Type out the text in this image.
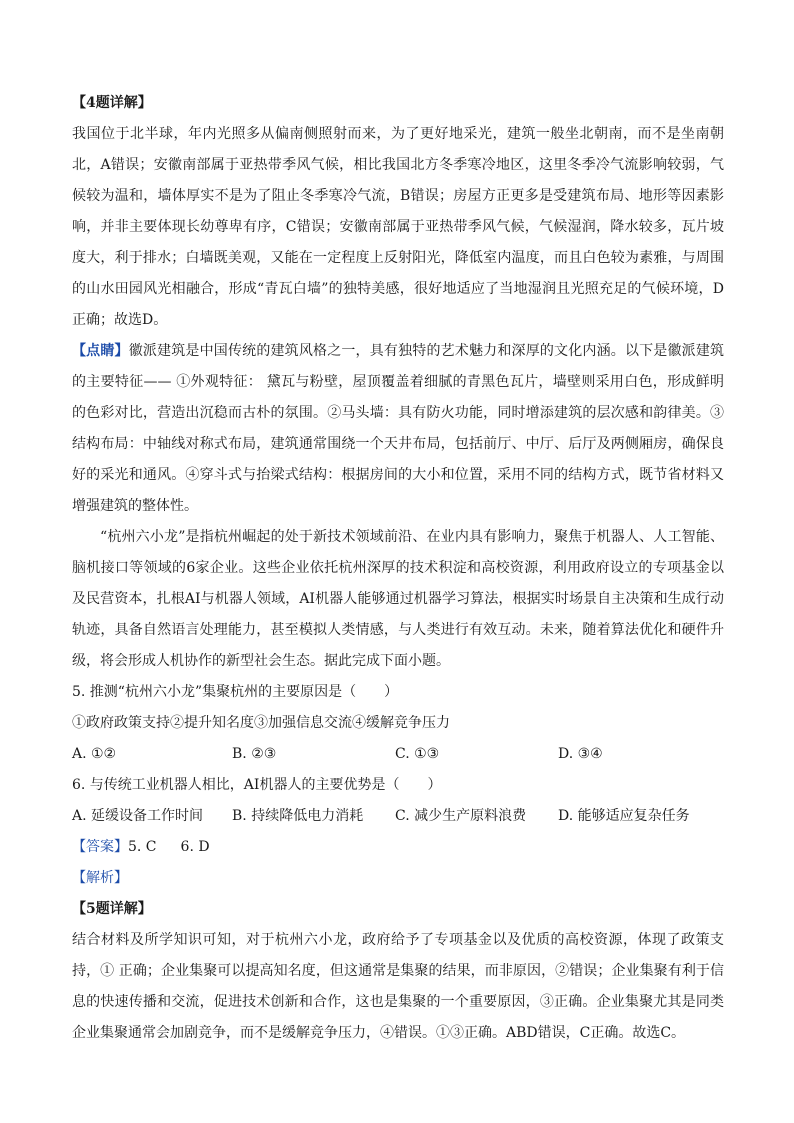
【4题详解】

我国位于北半球，年内光照多从偏南侧照射而来，为了更好地采光，建筑一般坐北朝南，而不是坐南朝北，A错误；安徽南部属于亚热带季风气候，相比我国北方冬季寒冷地区，这里冬季冷气流影响较弱，气候较为温和，墙体厚实不是为了阻止冬季寒冷气流，B错误；房屋方正更多是受建筑布局、地形等因素影响，并非主要体现长幼尊卑有序，C错误；安徽南部属于亚热带季风气候，气候湿润，降水较多，瓦片坡度大，利于排水；白墙既美观，又能在一定程度上反射阳光，降低室内温度，而且白色较为素雅，与周围的山水田园风光相融合，形成“青瓦白墙”的独特美感，很好地适应了当地湿润且光照充足的气候环境，D正确；故选D。

【点睛】徽派建筑是中国传统的建筑风格之一，具有独特的艺术魅力和深厚的文化内涵。以下是徽派建筑的主要特征—— ①外观特征： 黛瓦与粉壁，屋顶覆盖着细腻的青黑色瓦片，墙壁则采用白色，形成鲜明的色彩对比，营造出沉稳而古朴的氛围。②马头墙：具有防火功能，同时增添建筑的层次感和韵律美。③结构布局：中轴线对称式布局，建筑通常围绕一个天井布局，包括前厅、中厅、后厅及两侧厢房，确保良好的采光和通风。④穿斗式与抬梁式结构：根据房间的大小和位置，采用不同的结构方式，既节省材料又增强建筑的整体性。

“杭州六小龙”是指杭州崛起的处于新技术领域前沿、在业内具有影响力，聚焦于机器人、人工智能、脑机接口等领域的6家企业。这些企业依托杭州深厚的技术积淀和高校资源，利用政府设立的专项基金以及民营资本，扎根AI与机器人领域，AI机器人能够通过机器学习算法，根据实时场景自主决策和生成行动轨迹，具备自然语言处理能力，甚至模拟人类情感，与人类进行有效互动。未来，随着算法优化和硬件升级，将会形成人机协作的新型社会生态。据此完成下面小题。

5. 推测“杭州六小龙”集聚杭州的主要原因是（　　）

①政府政策支持②提升知名度③加强信息交流④缓解竞争压力

A. ①②	B. ②③	C. ①③	D. ③④

6. 与传统工业机器人相比，AI机器人的主要优势是（　　）

A. 延缓设备工作时间	B. 持续降低电力消耗	C. 减少生产原料浪费	D. 能够适应复杂任务

【答案】5. C 6. D

【解析】

【5题详解】

结合材料及所学知识可知，对于杭州六小龙，政府给予了专项基金以及优质的高校资源，体现了政策支持，① 正确；企业集聚可以提高知名度，但这通常是集聚的结果，而非原因，②错误；企业集聚有利于信息的快速传播和交流，促进技术创新和合作，这也是集聚的一个重要原因，③正确。企业集聚尤其是同类企业集聚通常会加剧竞争，而不是缓解竞争压力，④错误。①③正确。ABD错误，C正确。故选C。
